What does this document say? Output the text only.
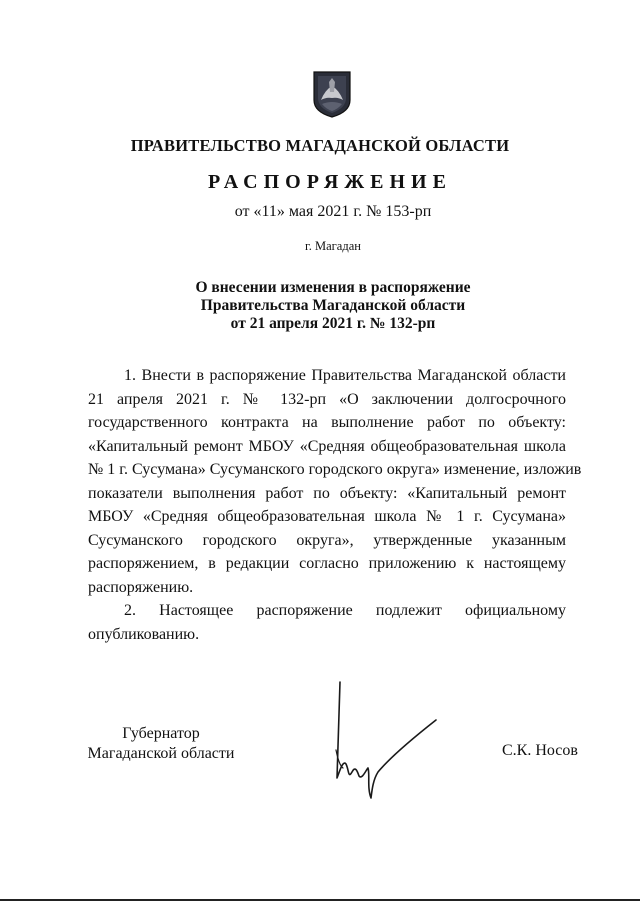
ПРАВИТЕЛЬСТВО МАГАДАНСКОЙ ОБЛАСТИ
РАСПОРЯЖЕНИЕ
от «11» мая 2021 г. № 153-рп
г. Магадан
О внесении изменения в распоряжение
Правительства Магаданской области
от 21 апреля 2021 г. № 132-рп
1. Внести в распоряжение Правительства Магаданской области
21 апреля 2021 г. № 132-рп «О заключении долгосрочного
государственного контракта на выполнение работ по объекту:
«Капитальный ремонт МБОУ «Средняя общеобразовательная школа
№ 1 г. Сусумана» Сусуманского городского округа» изменение, изложив
показатели выполнения работ по объекту: «Капитальный ремонт
МБОУ «Средняя общеобразовательная школа № 1 г. Сусумана»
Сусуманского городского округа», утвержденные указанным
распоряжением, в редакции согласно приложению к настоящему
распоряжению.
2. Настоящее распоряжение подлежит официальному
опубликованию.
Губернатор
Магаданской области	С.К. Носов
